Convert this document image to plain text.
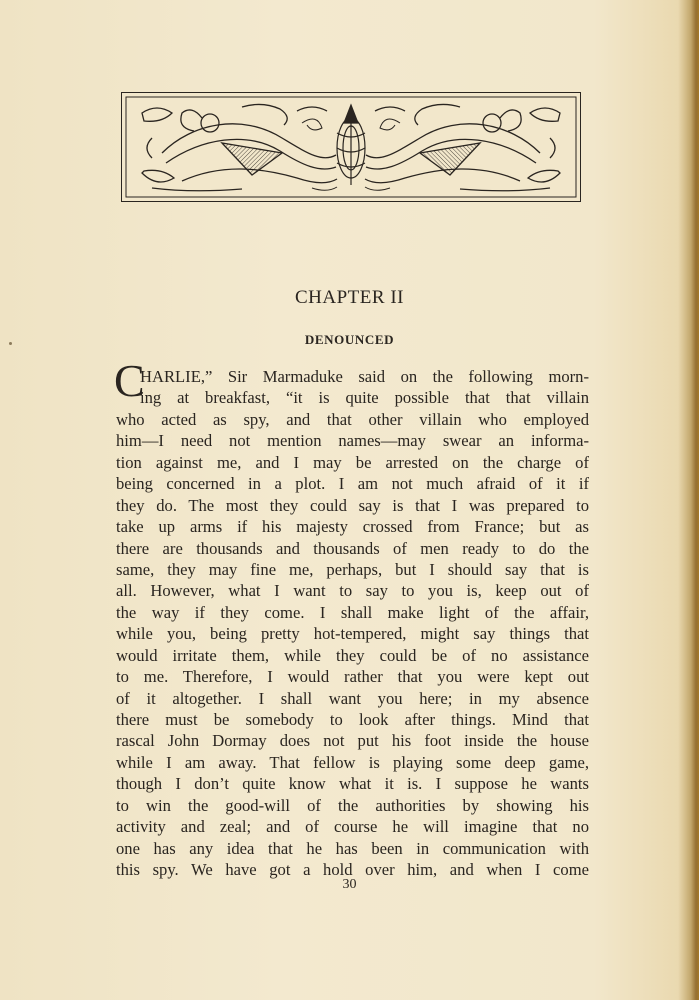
CHAPTER II
DENOUNCED
C
HARLIE,” Sir Marmaduke said on the following morn-
ing at breakfast, “it is quite possible that that villain
who acted as spy, and that other villain who employed
him—I need not mention names—may swear an informa-
tion against me, and I may be arrested on the charge of
being concerned in a plot. I am not much afraid of it if
they do. The most they could say is that I was prepared to
take up arms if his majesty crossed from France; but as
there are thousands and thousands of men ready to do the
same, they may fine me, perhaps, but I should say that is
all. However, what I want to say to you is, keep out of
the way if they come. I shall make light of the affair,
while you, being pretty hot-tempered, might say things that
would irritate them, while they could be of no assistance
to me. Therefore, I would rather that you were kept out
of it altogether. I shall want you here; in my absence
there must be somebody to look after things. Mind that
rascal John Dormay does not put his foot inside the house
while I am away. That fellow is playing some deep game,
though I don’t quite know what it is. I suppose he wants
to win the good-will of the authorities by showing his
activity and zeal; and of course he will imagine that no
one has any idea that he has been in communication with
this spy. We have got a hold over him, and when I come
30
